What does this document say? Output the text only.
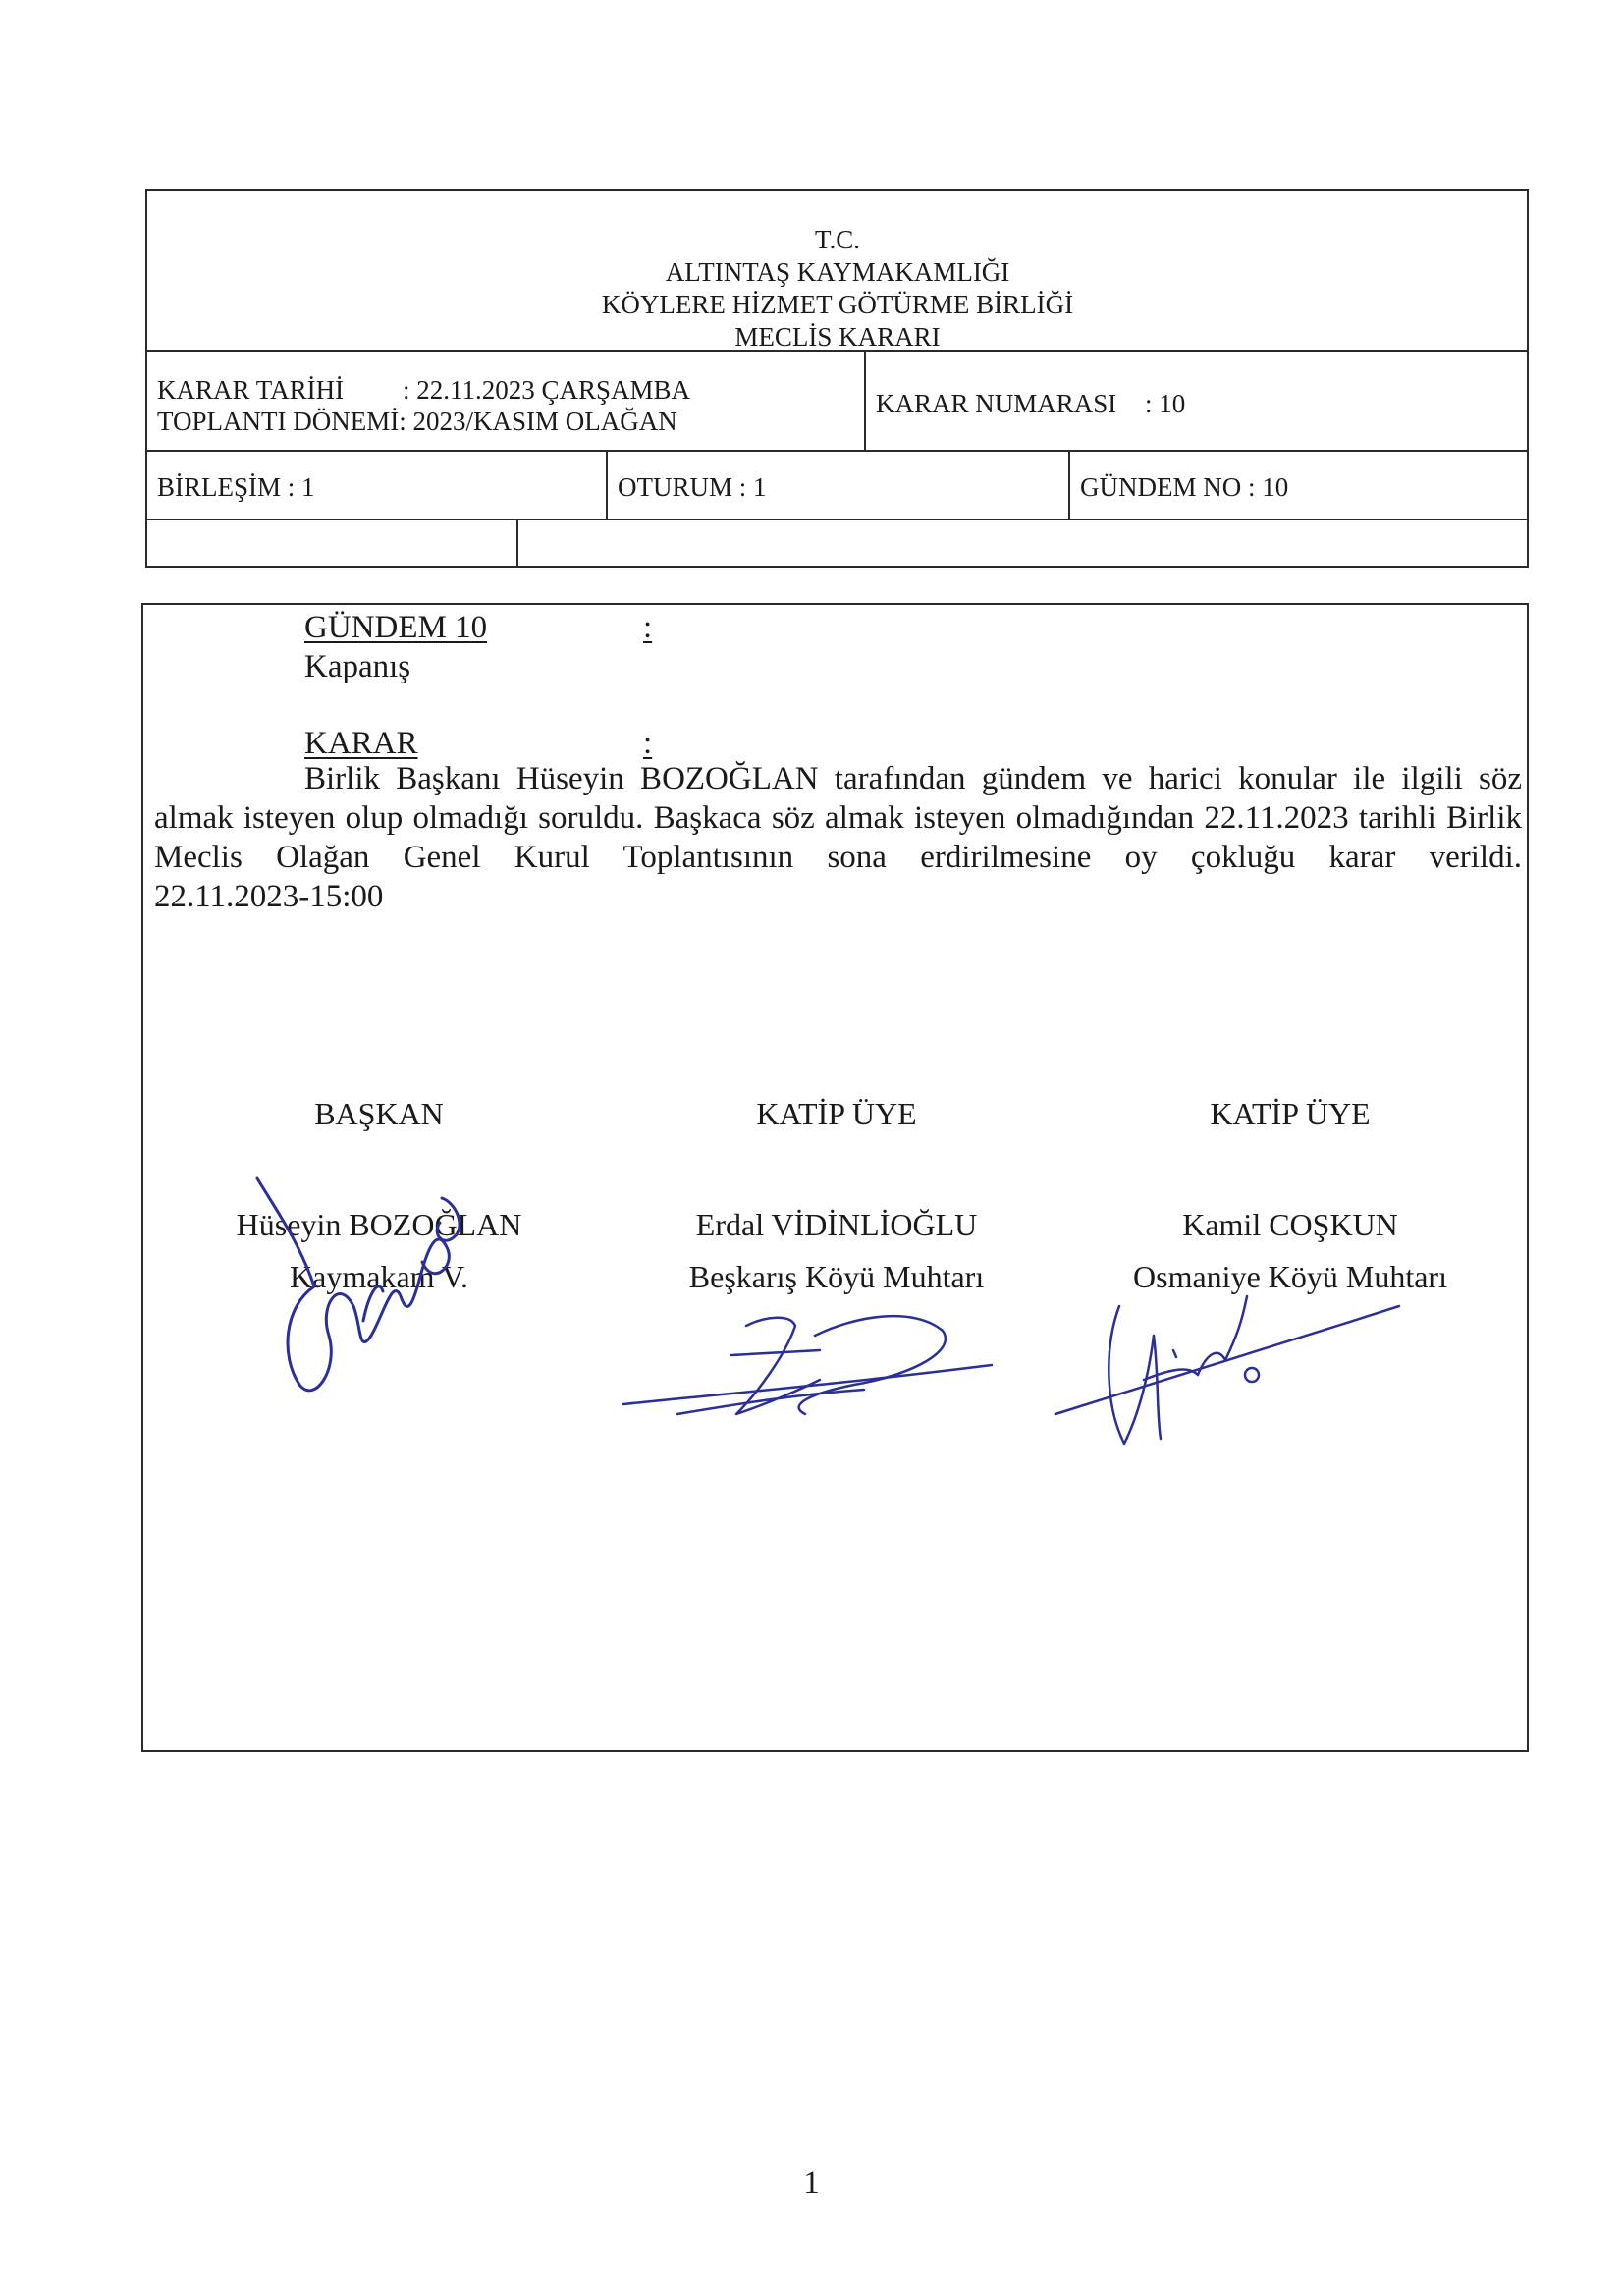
T.C.
ALTINTAŞ KAYMAKAMLIĞI
KÖYLERE HİZMET GÖTÜRME BİRLİĞİ
MECLİS KARARI
KARAR TARİHİ : 22.11.2023 ÇARŞAMBA
TOPLANTI DÖNEMİ: 2023/KASIM OLAĞAN
KARAR NUMARASI : 10
BİRLEŞİM : 1	OTURUM : 1	GÜNDEM NO : 10
GÜNDEM 10	:
Kapanış
KARAR	:
Birlik Başkanı Hüseyin BOZOĞLAN tarafından gündem ve harici konular ile ilgili söz
almak isteyen olup olmadığı soruldu. Başkaca söz almak isteyen olmadığından 22.11.2023 tarihli Birlik Meclis Olağan Genel Kurul Toplantısının sona erdirilmesine oy çokluğu karar verildi.
22.11.2023-15:00
BAŞKAN
Hüseyin BOZOĞLAN
Kaymakam V.
KATİP ÜYE
Erdal VİDİNLİOĞLU
Beşkarış Köyü Muhtarı
KATİP ÜYE
Kamil COŞKUN
Osmaniye Köyü Muhtarı
1
